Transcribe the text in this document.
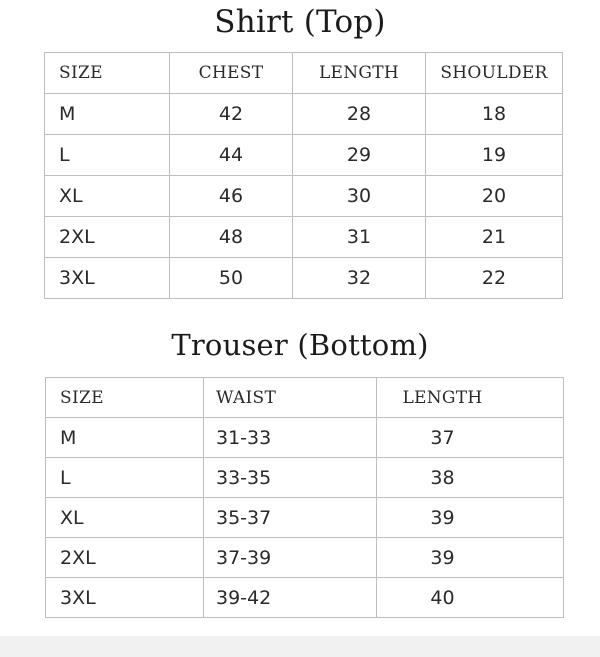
Shirt (Top)
SIZE	CHEST	LENGTH	SHOULDER
M	42	28	18
L	44	29	19
XL	46	30	20
2XL	48	31	21
3XL	50	32	22
Trouser (Bottom)
SIZE	WAIST	LENGTH
M	31-33	37
L	33-35	38
XL	35-37	39
2XL	37-39	39
3XL	39-42	40
